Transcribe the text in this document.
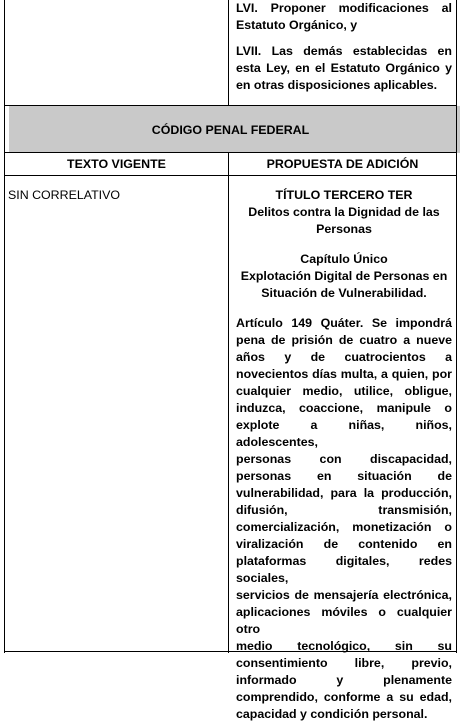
LVI. Proponer modificaciones al Estatuto Orgánico, y
LVII. Las demás establecidas en esta Ley, en el Estatuto Orgánico y en otras disposiciones aplicables.
CÓDIGO PENAL FEDERAL
TEXTO VIGENTE	PROPUESTA DE ADICIÓN
SIN CORRELATIVO	TÍTULO TERCERO TER
Delitos contra la Dignidad de las
Personas
Capítulo Único
Explotación Digital de Personas en
Situación de Vulnerabilidad.
Artículo 149 Quáter. Se impondrá
pena de prisión de cuatro a nueve
años y de cuatrocientos a
novecientos días multa, a quien, por
cualquier medio, utilice, obligue,
induzca, coaccione, manipule o
explote a niñas, niños, adolescentes,
personas con discapacidad,
personas en situación de
vulnerabilidad, para la producción,
difusión, transmisión,
comercialización, monetización o
viralización de contenido en
plataformas digitales, redes sociales,
servicios de mensajería electrónica,
aplicaciones móviles o cualquier otro
medio tecnológico, sin su
consentimiento libre, previo,
informado y plenamente
comprendido, conforme a su edad,
capacidad y condición personal.
